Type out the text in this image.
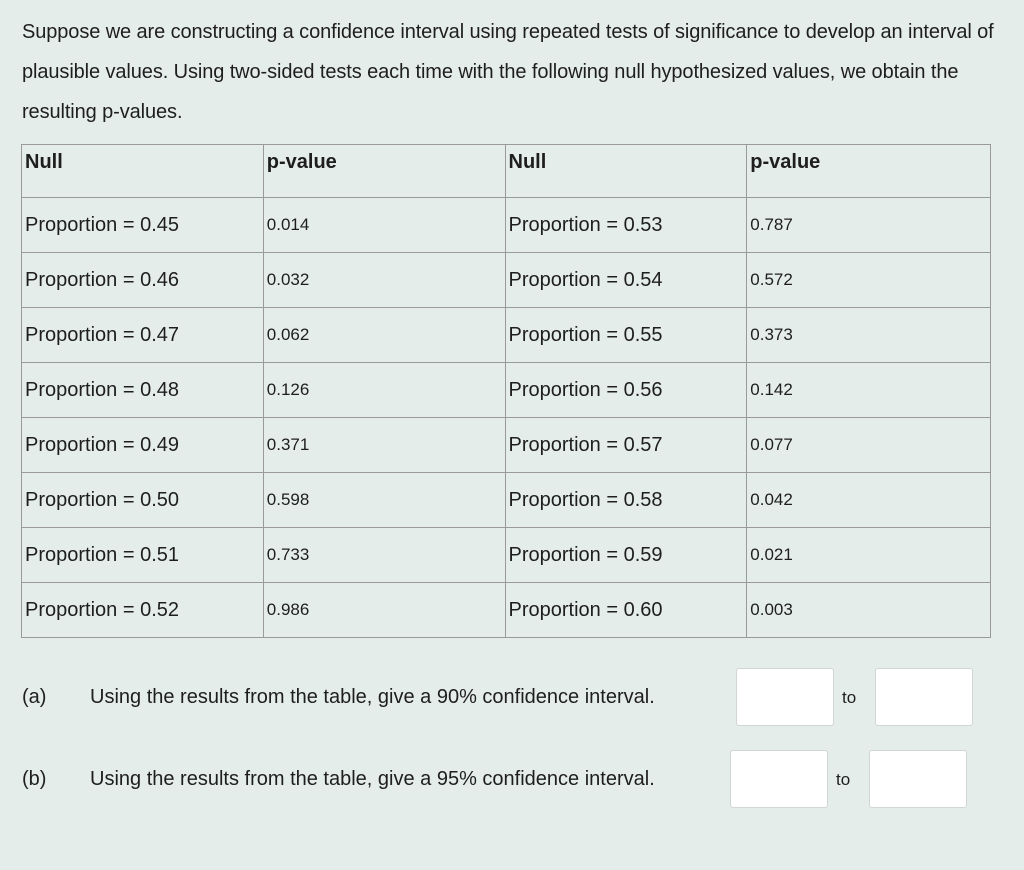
Suppose we are constructing a confidence interval using repeated tests of significance to develop an interval of plausible values. Using two-sided tests each time with the following null hypothesized values, we obtain the resulting p-values.
Null	p-value	Null	p-value
Proportion = 0.45	0.014	Proportion = 0.53	0.787
Proportion = 0.46	0.032	Proportion = 0.54	0.572
Proportion = 0.47	0.062	Proportion = 0.55	0.373
Proportion = 0.48	0.126	Proportion = 0.56	0.142
Proportion = 0.49	0.371	Proportion = 0.57	0.077
Proportion = 0.50	0.598	Proportion = 0.58	0.042
Proportion = 0.51	0.733	Proportion = 0.59	0.021
Proportion = 0.52	0.986	Proportion = 0.60	0.003
(a) Using the results from the table, give a 90% confidence interval.	to
(b) Using the results from the table, give a 95% confidence interval.	to
